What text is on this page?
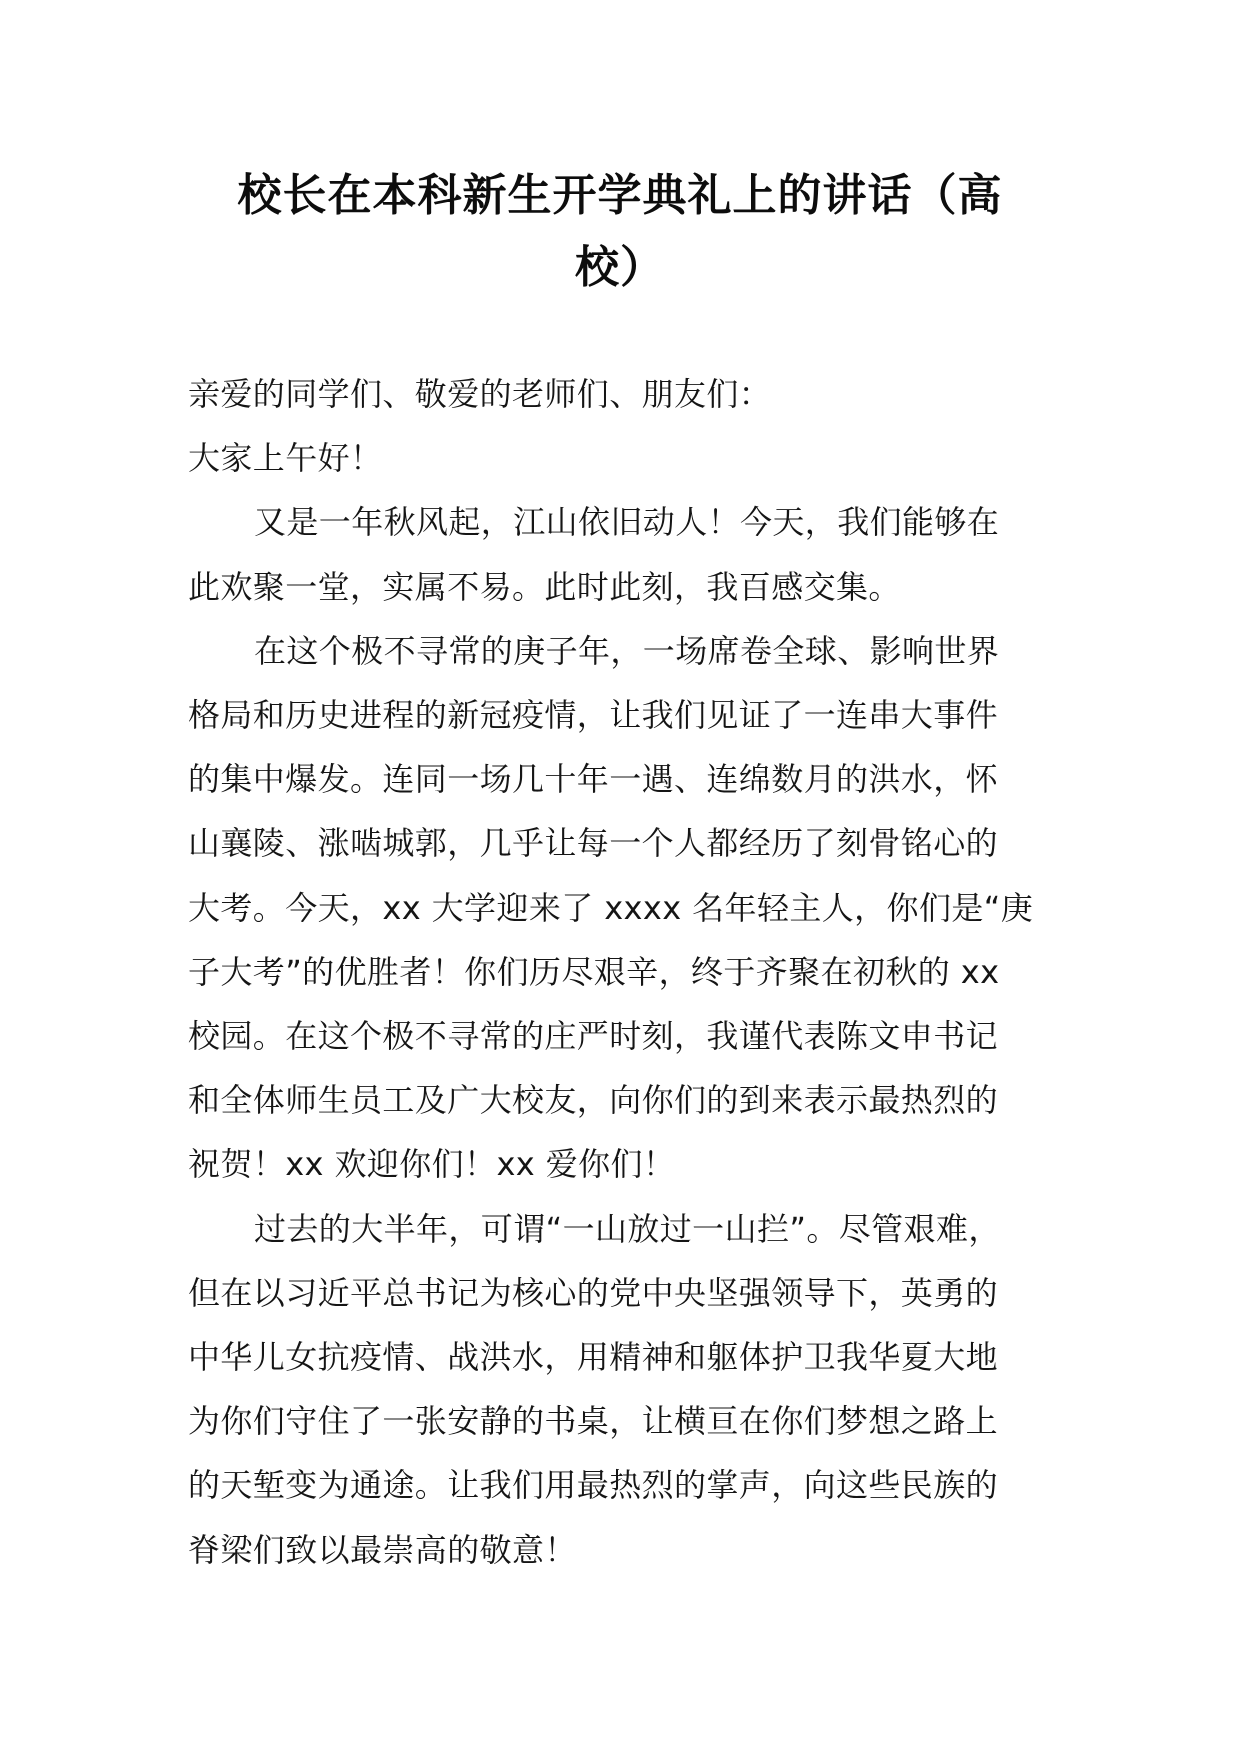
校长在本科新生开学典礼上的讲话（高
校）

亲爱的同学们、敬爱的老师们、朋友们：

大家上午好！

又是一年秋风起，江山依旧动人！今天，我们能够在
此欢聚一堂，实属不易。此时此刻，我百感交集。

在这个极不寻常的庚子年，一场席卷全球、影响世界
格局和历史进程的新冠疫情，让我们见证了一连串大事件
的集中爆发。连同一场几十年一遇、连绵数月的洪水，怀
山襄陵、涨啮城郭，几乎让每一个人都经历了刻骨铭心的
大考。今天，xx 大学迎来了 xxxx 名年轻主人，你们是“庚
子大考”的优胜者！你们历尽艰辛，终于齐聚在初秋的 xx
校园。在这个极不寻常的庄严时刻，我谨代表陈文申书记
和全体师生员工及广大校友，向你们的到来表示最热烈的
祝贺！xx 欢迎你们！xx 爱你们！

过去的大半年，可谓“一山放过一山拦”。尽管艰难，
但在以习近平总书记为核心的党中央坚强领导下，英勇的
中华儿女抗疫情、战洪水，用精神和躯体护卫我华夏大地
为你们守住了一张安静的书桌，让横亘在你们梦想之路上
的天堑变为通途。让我们用最热烈的掌声，向这些民族的
脊梁们致以最崇高的敬意！
